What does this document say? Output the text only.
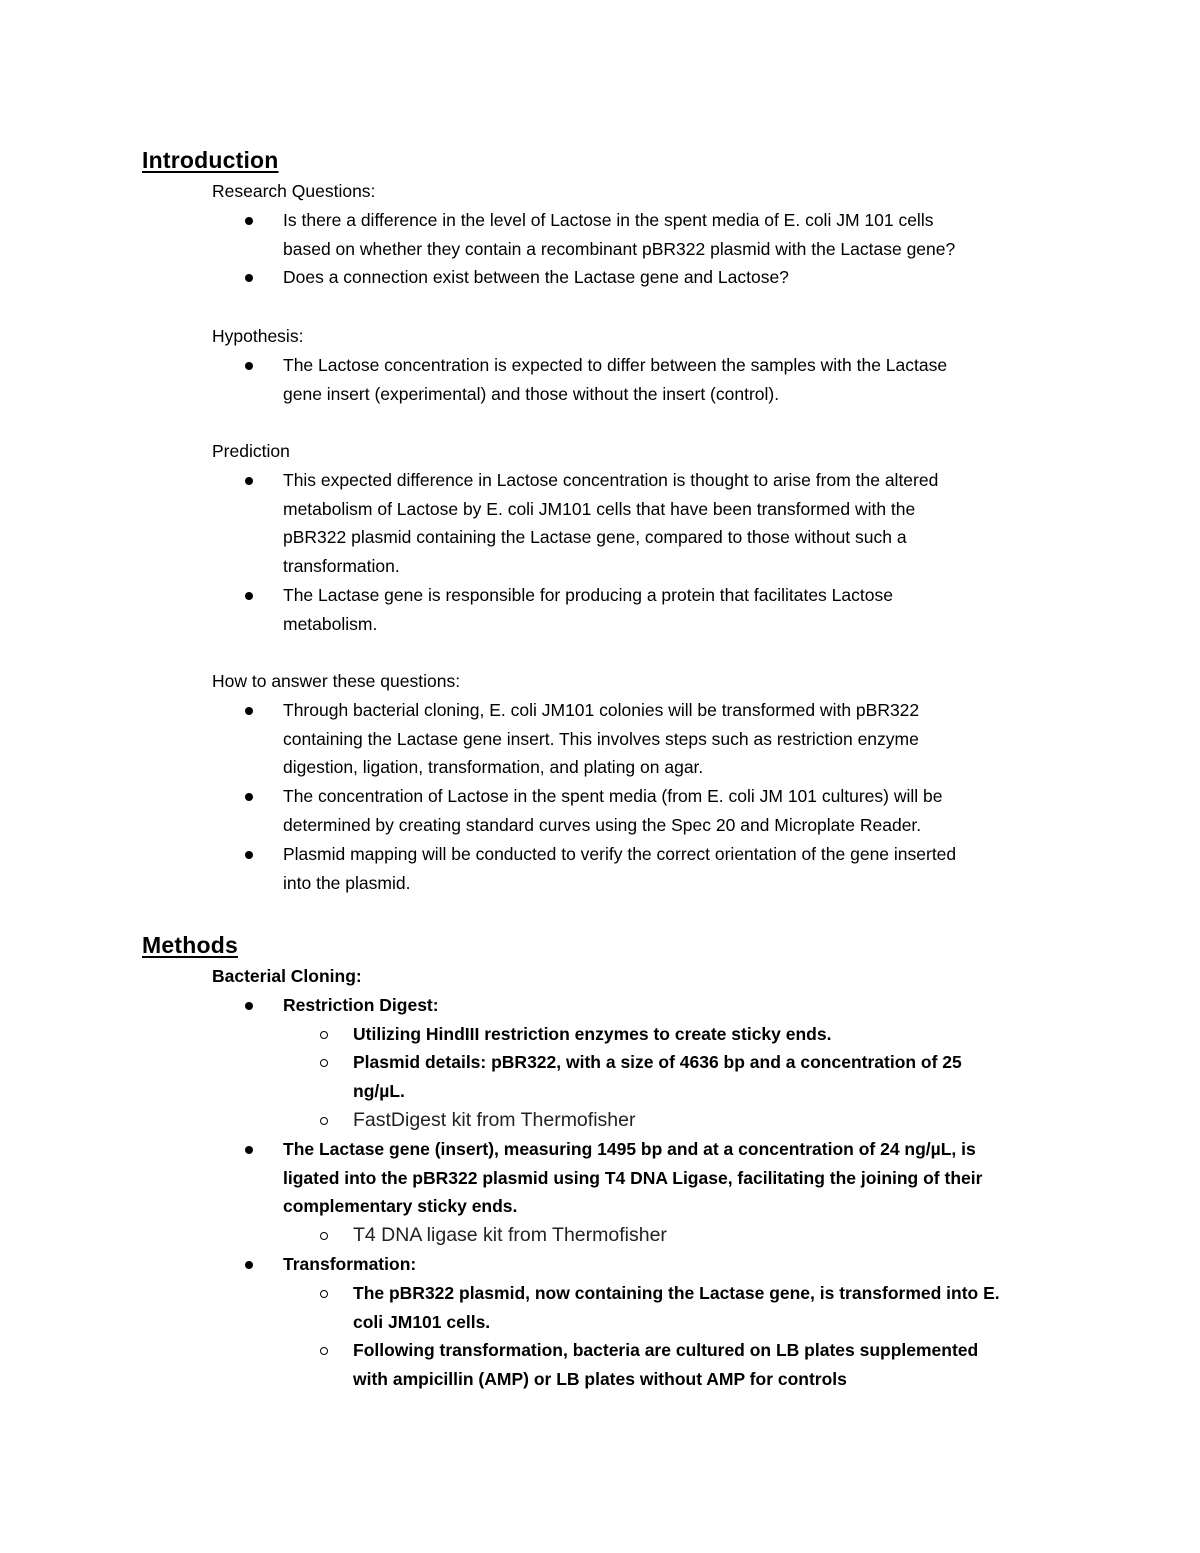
Introduction

Research Questions:

Is there a difference in the level of Lactose in the spent media of E. coli JM 101 cells
based on whether they contain a recombinant pBR322 plasmid with the Lactase gene?
Does a connection exist between the Lactase gene and Lactose?

Hypothesis:

The Lactose concentration is expected to differ between the samples with the Lactase
gene insert (experimental) and those without the insert (control).

Prediction

This expected difference in Lactose concentration is thought to arise from the altered
metabolism of Lactose by E. coli JM101 cells that have been transformed with the
pBR322 plasmid containing the Lactase gene, compared to those without such a
transformation.
The Lactase gene is responsible for producing a protein that facilitates Lactose
metabolism.

How to answer these questions:

Through bacterial cloning, E. coli JM101 colonies will be transformed with pBR322
containing the Lactase gene insert. This involves steps such as restriction enzyme
digestion, ligation, transformation, and plating on agar.
The concentration of Lactose in the spent media (from E. coli JM 101 cultures) will be
determined by creating standard curves using the Spec 20 and Microplate Reader.
Plasmid mapping will be conducted to verify the correct orientation of the gene inserted
into the plasmid.
Methods

Bacterial Cloning:

Restriction Digest:
Utilizing HindIII restriction enzymes to create sticky ends.
Plasmid details: pBR322, with a size of 4636 bp and a concentration of 25
ng/µL.
FastDigest kit from Thermofisher
The Lactase gene (insert), measuring 1495 bp and at a concentration of 24 ng/µL, is
ligated into the pBR322 plasmid using T4 DNA Ligase, facilitating the joining of their
complementary sticky ends.
T4 DNA ligase kit from Thermofisher
Transformation:
The pBR322 plasmid, now containing the Lactase gene, is transformed into E.
coli JM101 cells.
Following transformation, bacteria are cultured on LB plates supplemented
with ampicillin (AMP) or LB plates without AMP for controls
